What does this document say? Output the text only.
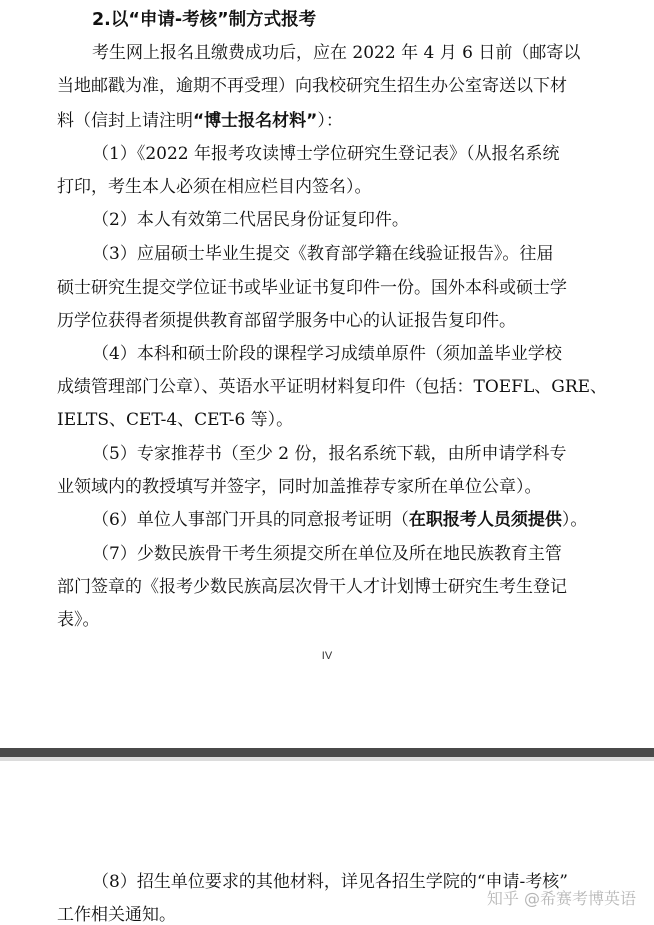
2.以“申请-考核”制方式报考
考生网上报名且缴费成功后，应在 2022 年 4 月 6 日前（邮寄以
当地邮戳为准，逾期不再受理）向我校研究生招生办公室寄送以下材
料（信封上请注明“博士报名材料”）：
（1）《2022 年报考攻读博士学位研究生登记表》（从报名系统
打印，考生本人必须在相应栏目内签名）。
（2）本人有效第二代居民身份证复印件。
（3）应届硕士毕业生提交《教育部学籍在线验证报告》。往届
硕士研究生提交学位证书或毕业证书复印件一份。国外本科或硕士学
历学位获得者须提供教育部留学服务中心的认证报告复印件。
（4）本科和硕士阶段的课程学习成绩单原件（须加盖毕业学校
成绩管理部门公章）、英语水平证明材料复印件（包括：TOEFL、GRE、
IELTS、CET-4、CET-6 等）。
（5）专家推荐书（至少 2 份，报名系统下载，由所申请学科专
业领域内的教授填写并签字，同时加盖推荐专家所在单位公章）。
（6）单位人事部门开具的同意报考证明（在职报考人员须提供）。
（7）少数民族骨干考生须提交所在单位及所在地民族教育主管
部门签章的《报考少数民族高层次骨干人才计划博士研究生考生登记
表》。
IV
（8）招生单位要求的其他材料，详见各招生学院的“申请-考核”
工作相关通知。
知乎 @希赛考博英语
